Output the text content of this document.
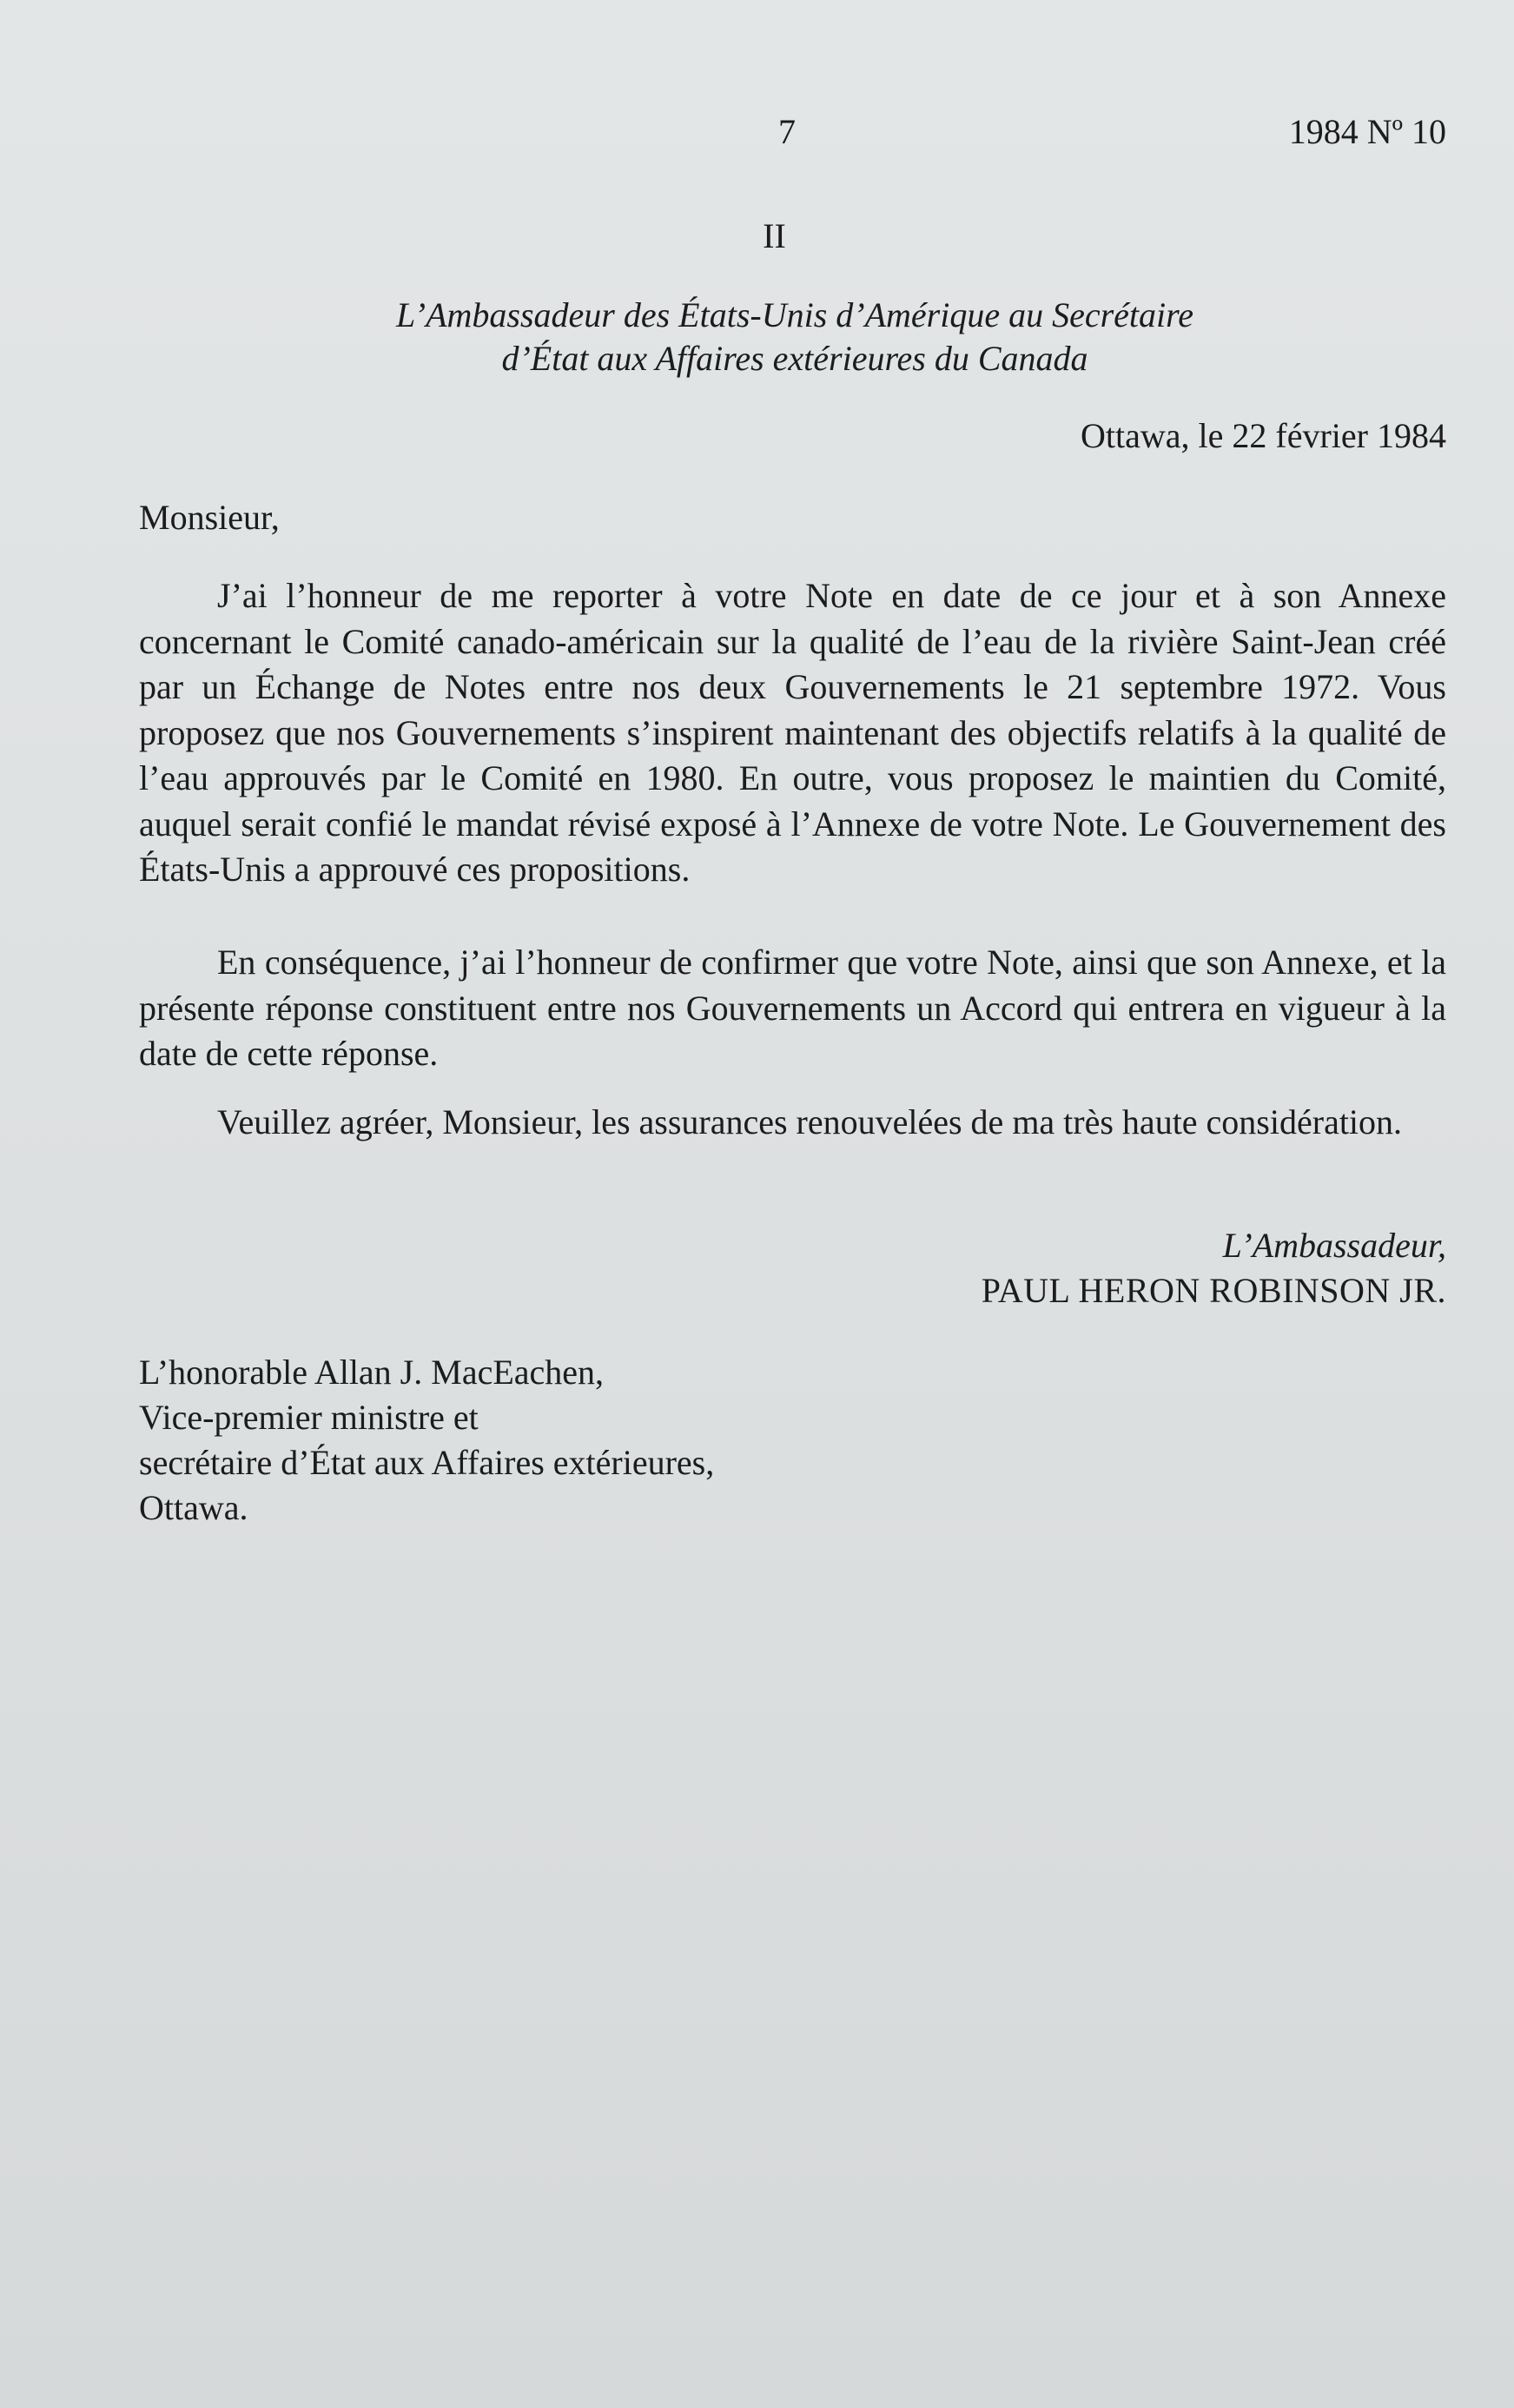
7	1984 Nº 10
II
L’Ambassadeur des États-Unis d’Amérique au Secrétaire
d’État aux Affaires extérieures du Canada
Ottawa, le 22 février 1984
Monsieur,

J’ai l’honneur de me reporter à votre Note en date de ce jour et à son Annexe concernant le Comité canado-américain sur la qualité de l’eau de la rivière Saint-Jean créé par un Échange de Notes entre nos deux Gouvernements le 21 septembre 1972. Vous proposez que nos Gouvernements s’inspirent maintenant des objectifs relatifs à la qualité de l’eau approuvés par le Comité en 1980. En outre, vous proposez le maintien du Comité, auquel serait confié le mandat révisé exposé à l’Annexe de votre Note. Le Gouvernement des États-Unis a approuvé ces propositions.

En conséquence, j’ai l’honneur de confirmer que votre Note, ainsi que son Annexe, et la présente réponse constituent entre nos Gouvernements un Accord qui entrera en vigueur à la date de cette réponse.

Veuillez agréer, Monsieur, les assurances renouvelées de ma très haute considération.

L’Ambassadeur,
PAUL HERON ROBINSON JR.
L’honorable Allan J. MacEachen,
Vice-premier ministre et
secrétaire d’État aux Affaires extérieures,
Ottawa.
